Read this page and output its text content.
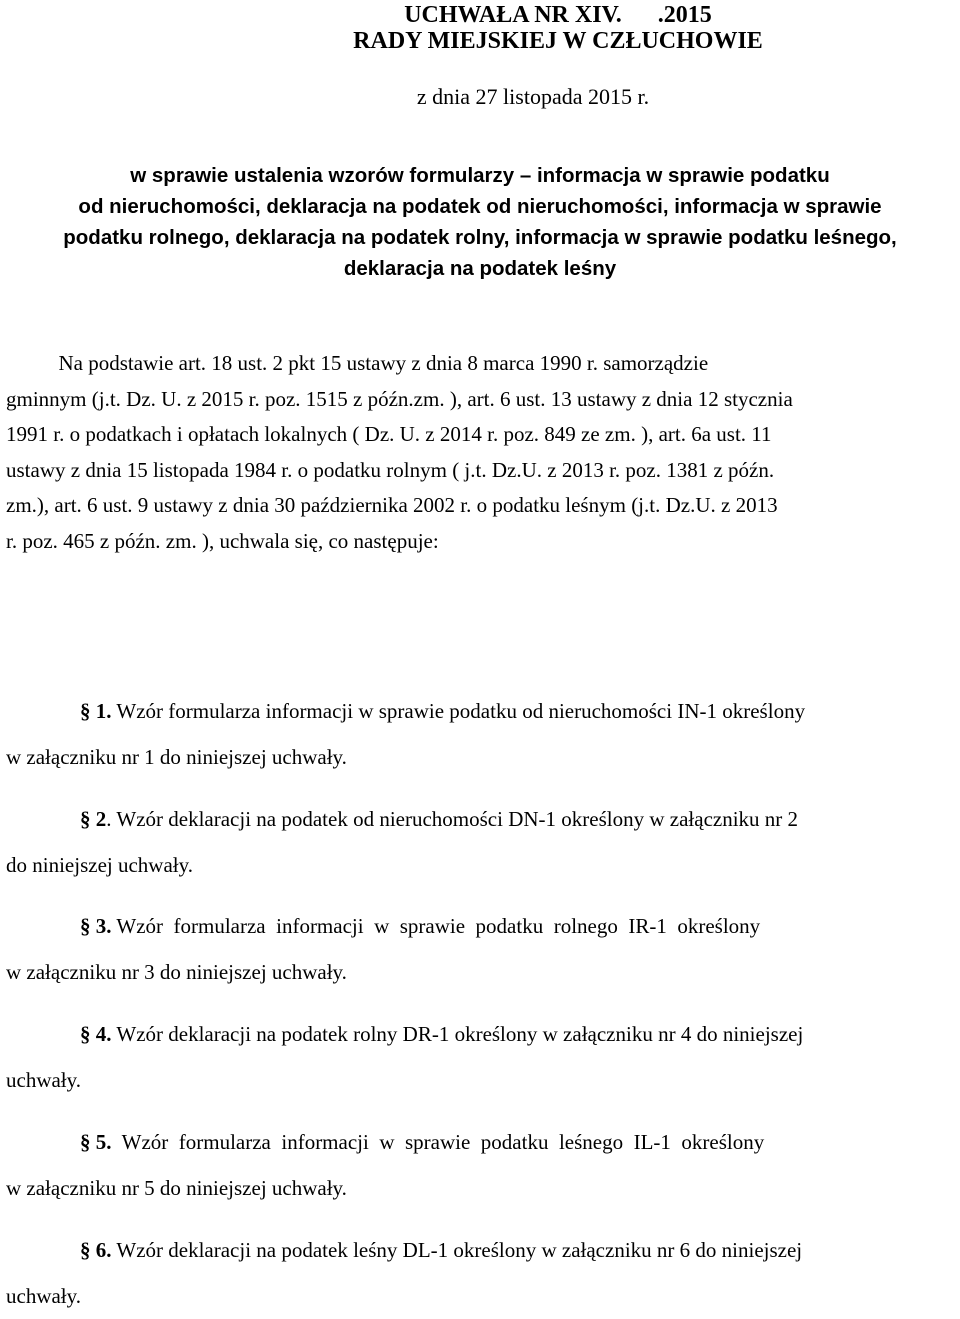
UCHWAŁA NR XIV.      .2015
RADY MIEJSKIEJ W CZŁUCHOWIE
z dnia 27 listopada 2015 r.

w sprawie ustalenia wzorów formularzy – informacja w sprawie podatku
od nieruchomości, deklaracja na podatek od nieruchomości, informacja w sprawie
podatku rolnego, deklaracja na podatek rolny, informacja w sprawie podatku leśnego,
deklaracja na podatek leśny

Na podstawie art. 18 ust. 2 pkt 15 ustawy z dnia 8 marca 1990 r. samorządzie
gminnym (j.t. Dz. U. z 2015 r. poz. 1515 z późn.zm. ), art. 6 ust. 13 ustawy z dnia 12 stycznia
1991 r. o podatkach i opłatach lokalnych ( Dz. U. z 2014 r. poz. 849 ze zm. ), art. 6a ust. 11
ustawy z dnia 15 listopada 1984 r. o podatku rolnym ( j.t. Dz.U. z 2013 r. poz. 1381 z późn.
zm.), art. 6 ust. 9 ustawy z dnia 30 października 2002 r. o podatku leśnym (j.t. Dz.U. z 2013
r. poz. 465 z późn. zm. ), uchwala się, co następuje:

§ 1. Wzór formularza informacji w sprawie podatku od nieruchomości IN-1 określony
w załączniku nr 1 do niniejszej uchwały.

§ 2. Wzór deklaracji na podatek od nieruchomości DN-1 określony w załączniku nr 2
do niniejszej uchwały.

§ 3. Wzór  formularza  informacji  w  sprawie  podatku  rolnego  IR-1  określony
w załączniku nr 3 do niniejszej uchwały.

§ 4. Wzór deklaracji na podatek rolny DR-1 określony w załączniku nr 4 do niniejszej
uchwały.

§ 5.  Wzór  formularza  informacji  w  sprawie  podatku  leśnego  IL-1  określony
w załączniku nr 5 do niniejszej uchwały.

§ 6. Wzór deklaracji na podatek leśny DL-1 określony w załączniku nr 6 do niniejszej
uchwały.
